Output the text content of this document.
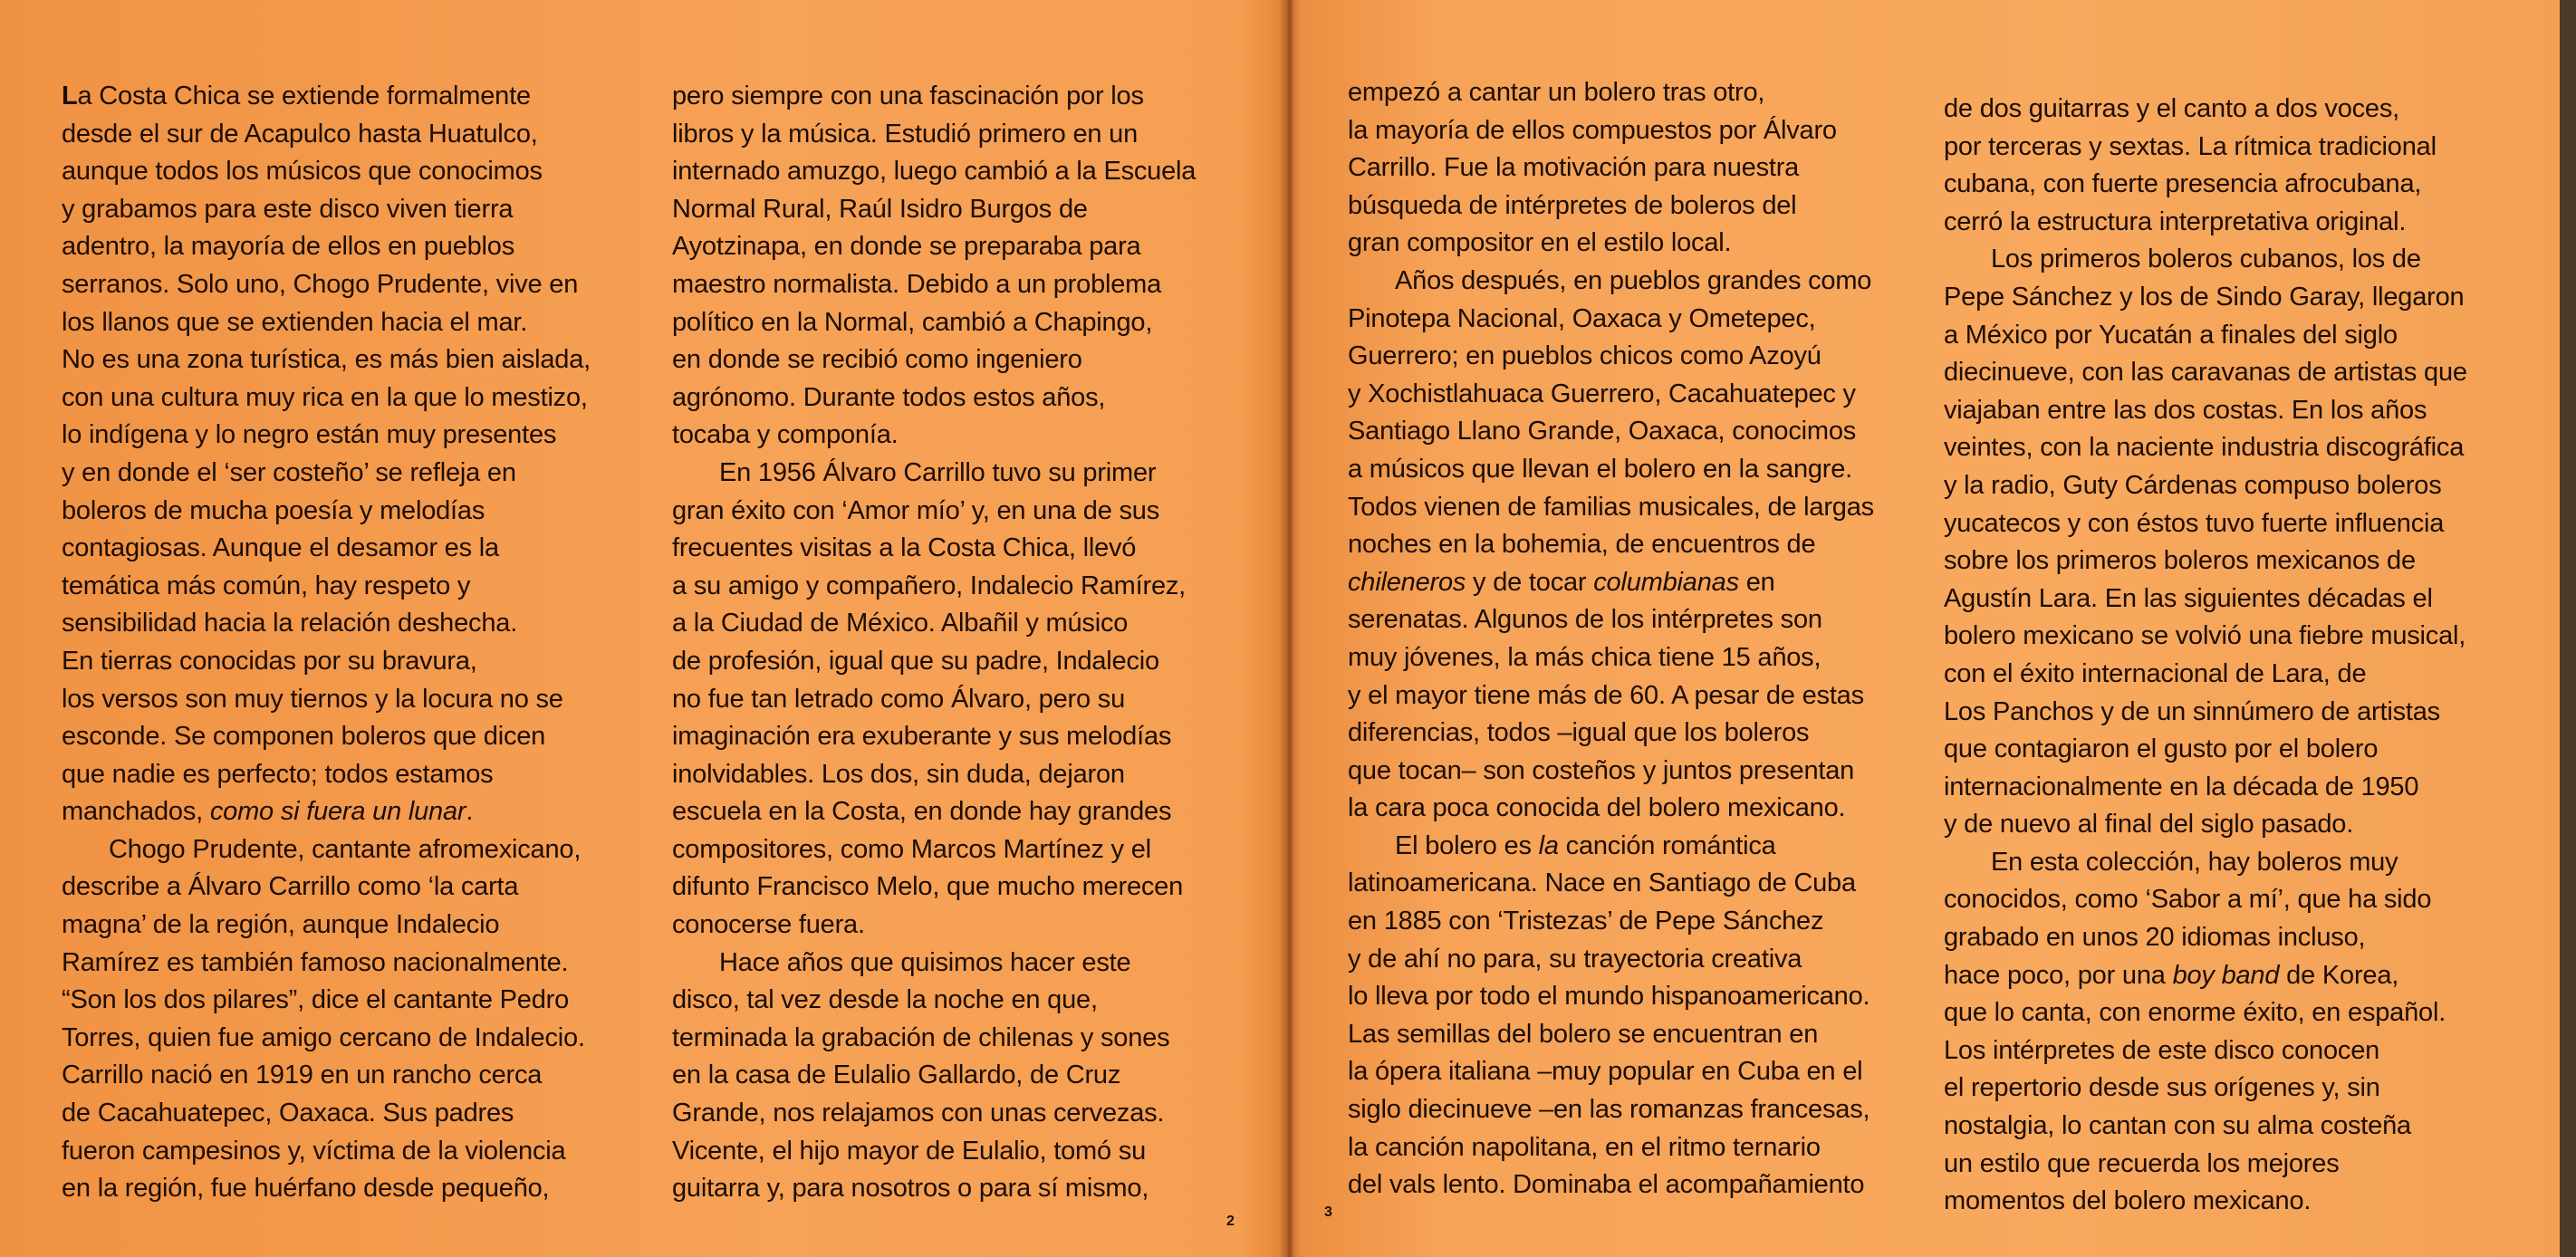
La Costa Chica se extiende formalmente
desde el sur de Acapulco hasta Huatulco,
aunque todos los músicos que conocimos
y grabamos para este disco viven tierra
adentro, la mayoría de ellos en pueblos
serranos. Solo uno, Chogo Prudente, vive en
los llanos que se extienden hacia el mar.
No es una zona turística, es más bien aislada,
con una cultura muy rica en la que lo mestizo,
lo indígena y lo negro están muy presentes
y en donde el ‘ser costeño’ se refleja en
boleros de mucha poesía y melodías
contagiosas. Aunque el desamor es la
temática más común, hay respeto y
sensibilidad hacia la relación deshecha.
En tierras conocidas por su bravura,
los versos son muy tiernos y la locura no se
esconde. Se componen boleros que dicen
que nadie es perfecto; todos estamos
manchados, como si fuera un lunar.

Chogo Prudente, cantante afromexicano,
describe a Álvaro Carrillo como ‘la carta
magna’ de la región, aunque Indalecio
Ramírez es también famoso nacionalmente.
“Son los dos pilares”, dice el cantante Pedro
Torres, quien fue amigo cercano de Indalecio.
Carrillo nació en 1919 en un rancho cerca
de Cacahuatepec, Oaxaca. Sus padres
fueron campesinos y, víctima de la violencia
en la región, fue huérfano desde pequeño,

pero siempre con una fascinación por los
libros y la música. Estudió primero en un
internado amuzgo, luego cambió a la Escuela
Normal Rural, Raúl Isidro Burgos de
Ayotzinapa, en donde se preparaba para
maestro normalista. Debido a un problema
político en la Normal, cambió a Chapingo,
en donde se recibió como ingeniero
agrónomo. Durante todos estos años,
tocaba y componía.

En 1956 Álvaro Carrillo tuvo su primer
gran éxito con ‘Amor mío’ y, en una de sus
frecuentes visitas a la Costa Chica, llevó
a su amigo y compañero, Indalecio Ramírez,
a la Ciudad de México. Albañil y músico
de profesión, igual que su padre, Indalecio
no fue tan letrado como Álvaro, pero su
imaginación era exuberante y sus melodías
inolvidables. Los dos, sin duda, dejaron
escuela en la Costa, en donde hay grandes
compositores, como Marcos Martínez y el
difunto Francisco Melo, que mucho merecen
conocerse fuera.

Hace años que quisimos hacer este
disco, tal vez desde la noche en que,
terminada la grabación de chilenas y sones
en la casa de Eulalio Gallardo, de Cruz
Grande, nos relajamos con unas cervezas.
Vicente, el hijo mayor de Eulalio, tomó su
guitarra y, para nosotros o para sí mismo,

2

empezó a cantar un bolero tras otro,
la mayoría de ellos compuestos por Álvaro
Carrillo. Fue la motivación para nuestra
búsqueda de intérpretes de boleros del
gran compositor en el estilo local.

Años después, en pueblos grandes como
Pinotepa Nacional, Oaxaca y Ometepec,
Guerrero; en pueblos chicos como Azoyú
y Xochistlahuaca Guerrero, Cacahuatepec y
Santiago Llano Grande, Oaxaca, conocimos
a músicos que llevan el bolero en la sangre.
Todos vienen de familias musicales, de largas
noches en la bohemia, de encuentros de
chileneros y de tocar columbianas en
serenatas. Algunos de los intérpretes son
muy jóvenes, la más chica tiene 15 años,
y el mayor tiene más de 60. A pesar de estas
diferencias, todos –igual que los boleros
que tocan– son costeños y juntos presentan
la cara poca conocida del bolero mexicano.

El bolero es la canción romántica
latinoamericana. Nace en Santiago de Cuba
en 1885 con ‘Tristezas’ de Pepe Sánchez
y de ahí no para, su trayectoria creativa
lo lleva por todo el mundo hispanoamericano.
Las semillas del bolero se encuentran en
la ópera italiana –muy popular en Cuba en el
siglo diecinueve –en las romanzas francesas,
la canción napolitana, en el ritmo ternario
del vals lento. Dominaba el acompañamiento

de dos guitarras y el canto a dos voces,
por terceras y sextas. La rítmica tradicional
cubana, con fuerte presencia afrocubana,
cerró la estructura interpretativa original.

Los primeros boleros cubanos, los de
Pepe Sánchez y los de Sindo Garay, llegaron
a México por Yucatán a finales del siglo
diecinueve, con las caravanas de artistas que
viajaban entre las dos costas. En los años
veintes, con la naciente industria discográfica
y la radio, Guty Cárdenas compuso boleros
yucatecos y con éstos tuvo fuerte influencia
sobre los primeros boleros mexicanos de
Agustín Lara. En las siguientes décadas el
bolero mexicano se volvió una fiebre musical,
con el éxito internacional de Lara, de
Los Panchos y de un sinnúmero de artistas
que contagiaron el gusto por el bolero
internacionalmente en la década de 1950
y de nuevo al final del siglo pasado.

En esta colección, hay boleros muy
conocidos, como ‘Sabor a mí’, que ha sido
grabado en unos 20 idiomas incluso,
hace poco, por una boy band de Korea,
que lo canta, con enorme éxito, en español.
Los intérpretes de este disco conocen
el repertorio desde sus orígenes y, sin
nostalgia, lo cantan con su alma costeña
un estilo que recuerda los mejores
momentos del bolero mexicano.

3
